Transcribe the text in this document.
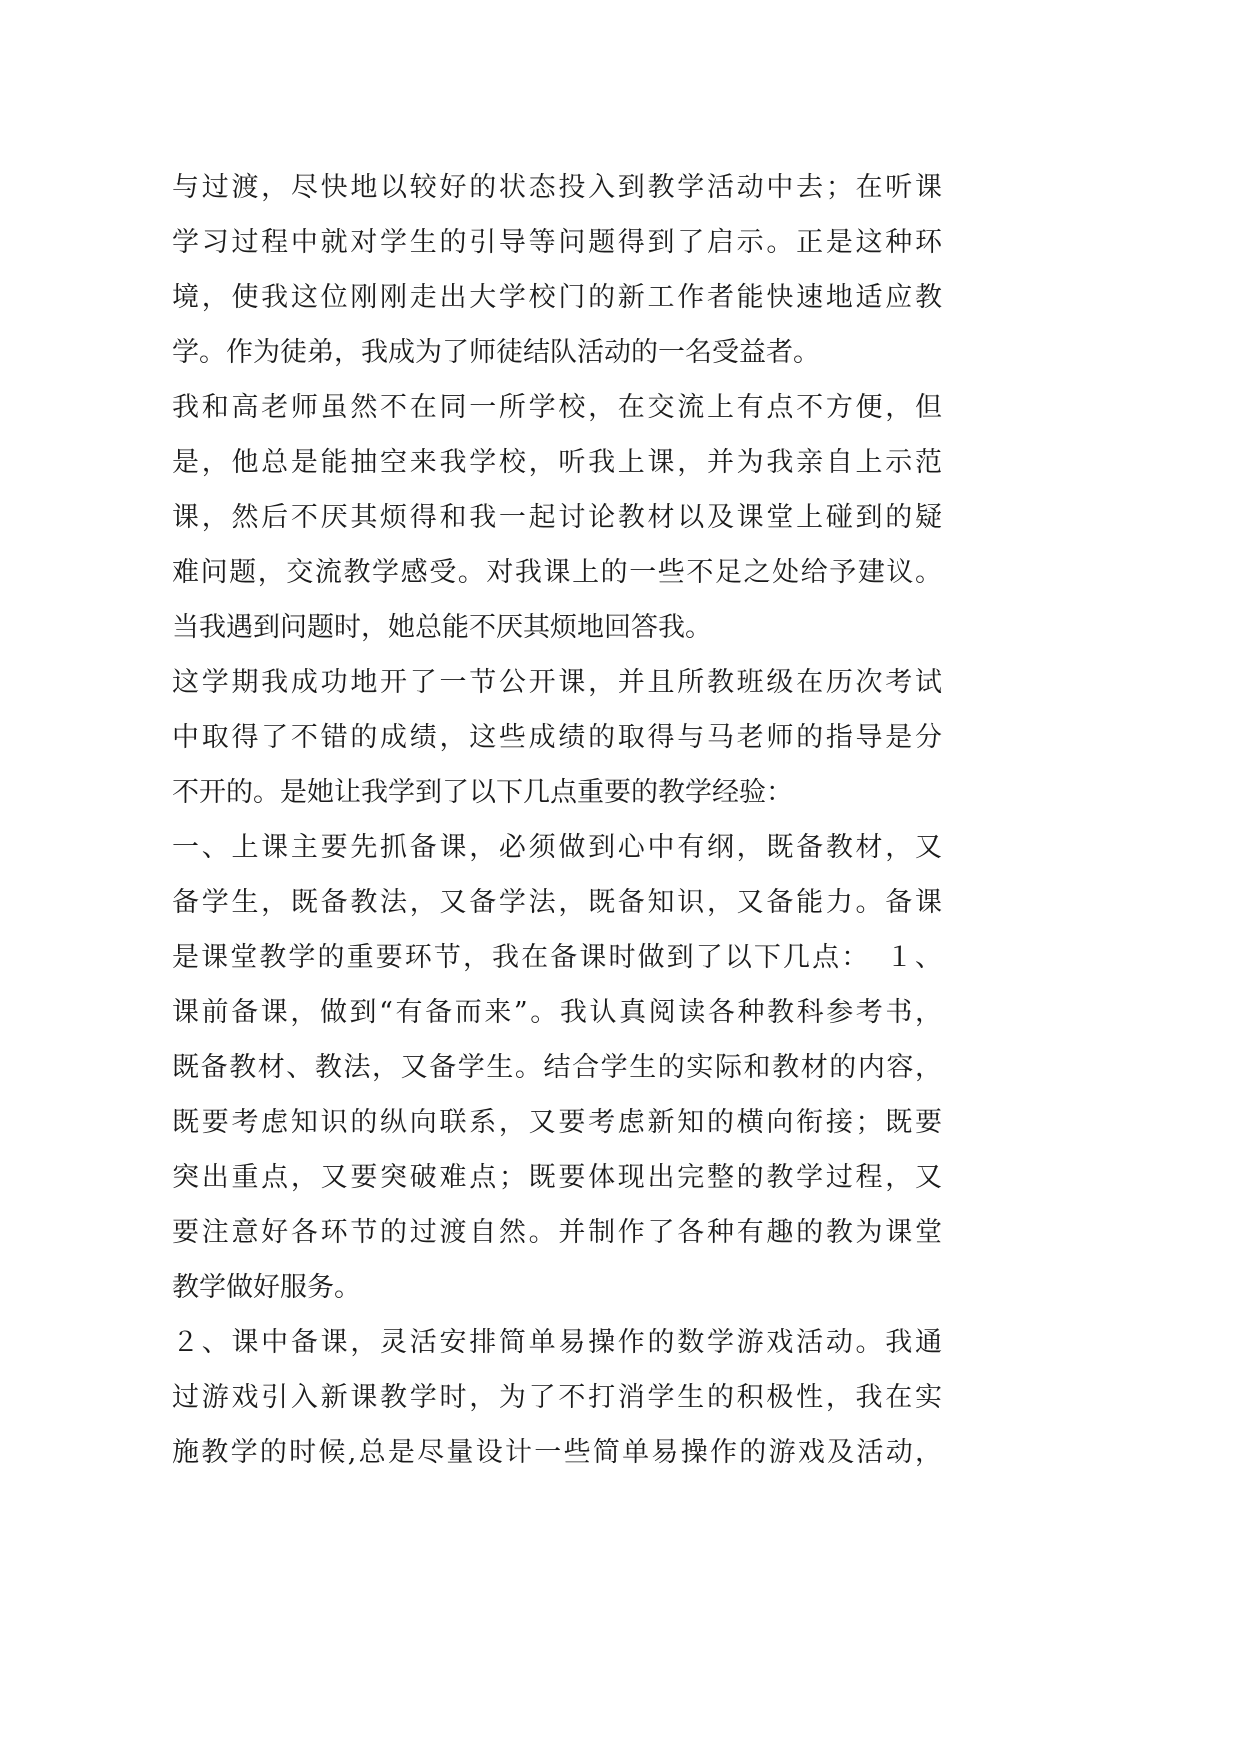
与过渡，尽快地以较好的状态投入到教学活动中去；在听课
学习过程中就对学生的引导等问题得到了启示。正是这种环
境，使我这位刚刚走出大学校门的新工作者能快速地适应教
学。作为徒弟，我成为了师徒结队活动的一名受益者。
我和高老师虽然不在同一所学校，在交流上有点不方便，但
是，他总是能抽空来我学校，听我上课，并为我亲自上示范
课，然后不厌其烦得和我一起讨论教材以及课堂上碰到的疑
难问题，交流教学感受。对我课上的一些不足之处给予建议。
当我遇到问题时，她总能不厌其烦地回答我。
这学期我成功地开了一节公开课，并且所教班级在历次考试
中取得了不错的成绩，这些成绩的取得与马老师的指导是分
不开的。是她让我学到了以下几点重要的教学经验：
一、上课主要先抓备课，必须做到心中有纲，既备教材，又
备学生，既备教法，又备学法，既备知识，又备能力。备课
是课堂教学的重要环节，我在备课时做到了以下几点：　１、
课前备课，做到“有备而来”。我认真阅读各种教科参考书，
既备教材、教法，又备学生。结合学生的实际和教材的内容，
既要考虑知识的纵向联系，又要考虑新知的横向衔接；既要
突出重点，又要突破难点；既要体现出完整的教学过程，又
要注意好各环节的过渡自然。并制作了各种有趣的教为课堂
教学做好服务。
２、课中备课，灵活安排简单易操作的数学游戏活动。我通
过游戏引入新课教学时，为了不打消学生的积极性，我在实
施教学的时候,总是尽量设计一些简单易操作的游戏及活动，
